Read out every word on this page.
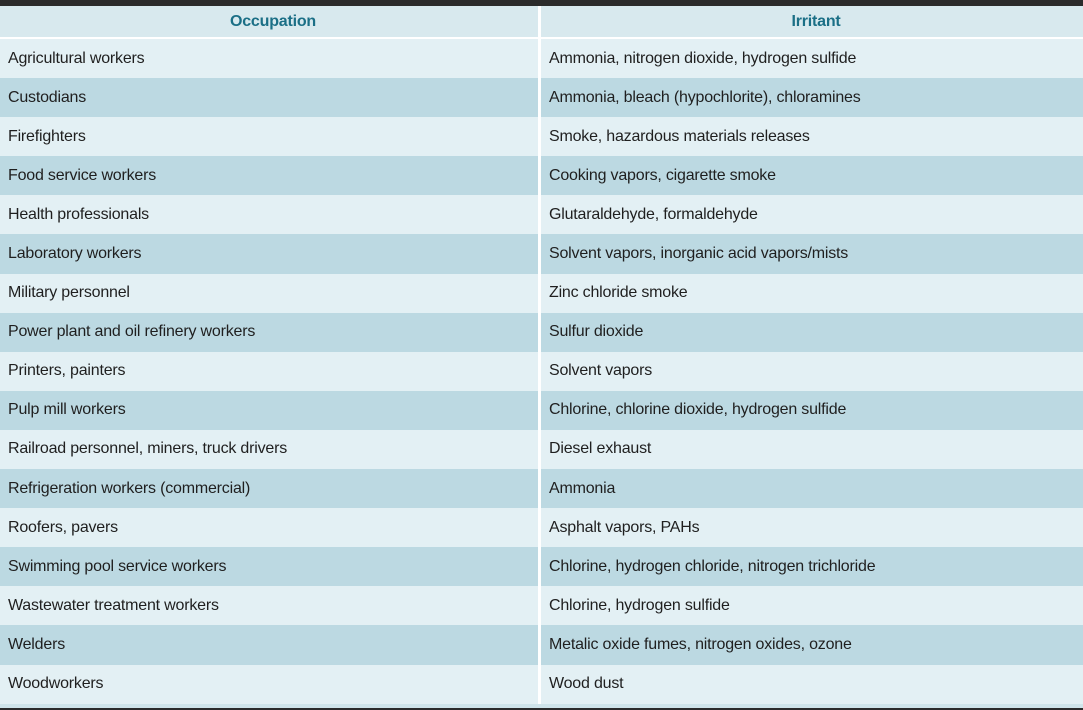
Occupation	Irritant
Agricultural workers	Ammonia, nitrogen dioxide, hydrogen sulfide
Custodians	Ammonia, bleach (hypochlorite), chloramines
Firefighters	Smoke, hazardous materials releases
Food service workers	Cooking vapors, cigarette smoke
Health professionals	Glutaraldehyde, formaldehyde
Laboratory workers	Solvent vapors, inorganic acid vapors/mists
Military personnel	Zinc chloride smoke
Power plant and oil refinery workers	Sulfur dioxide
Printers, painters	Solvent vapors
Pulp mill workers	Chlorine, chlorine dioxide, hydrogen sulfide
Railroad personnel, miners, truck drivers	Diesel exhaust
Refrigeration workers (commercial)	Ammonia
Roofers, pavers	Asphalt vapors, PAHs
Swimming pool service workers	Chlorine, hydrogen chloride, nitrogen trichloride
Wastewater treatment workers	Chlorine, hydrogen sulfide
Welders	Metalic oxide fumes, nitrogen oxides, ozone
Woodworkers	Wood dust
